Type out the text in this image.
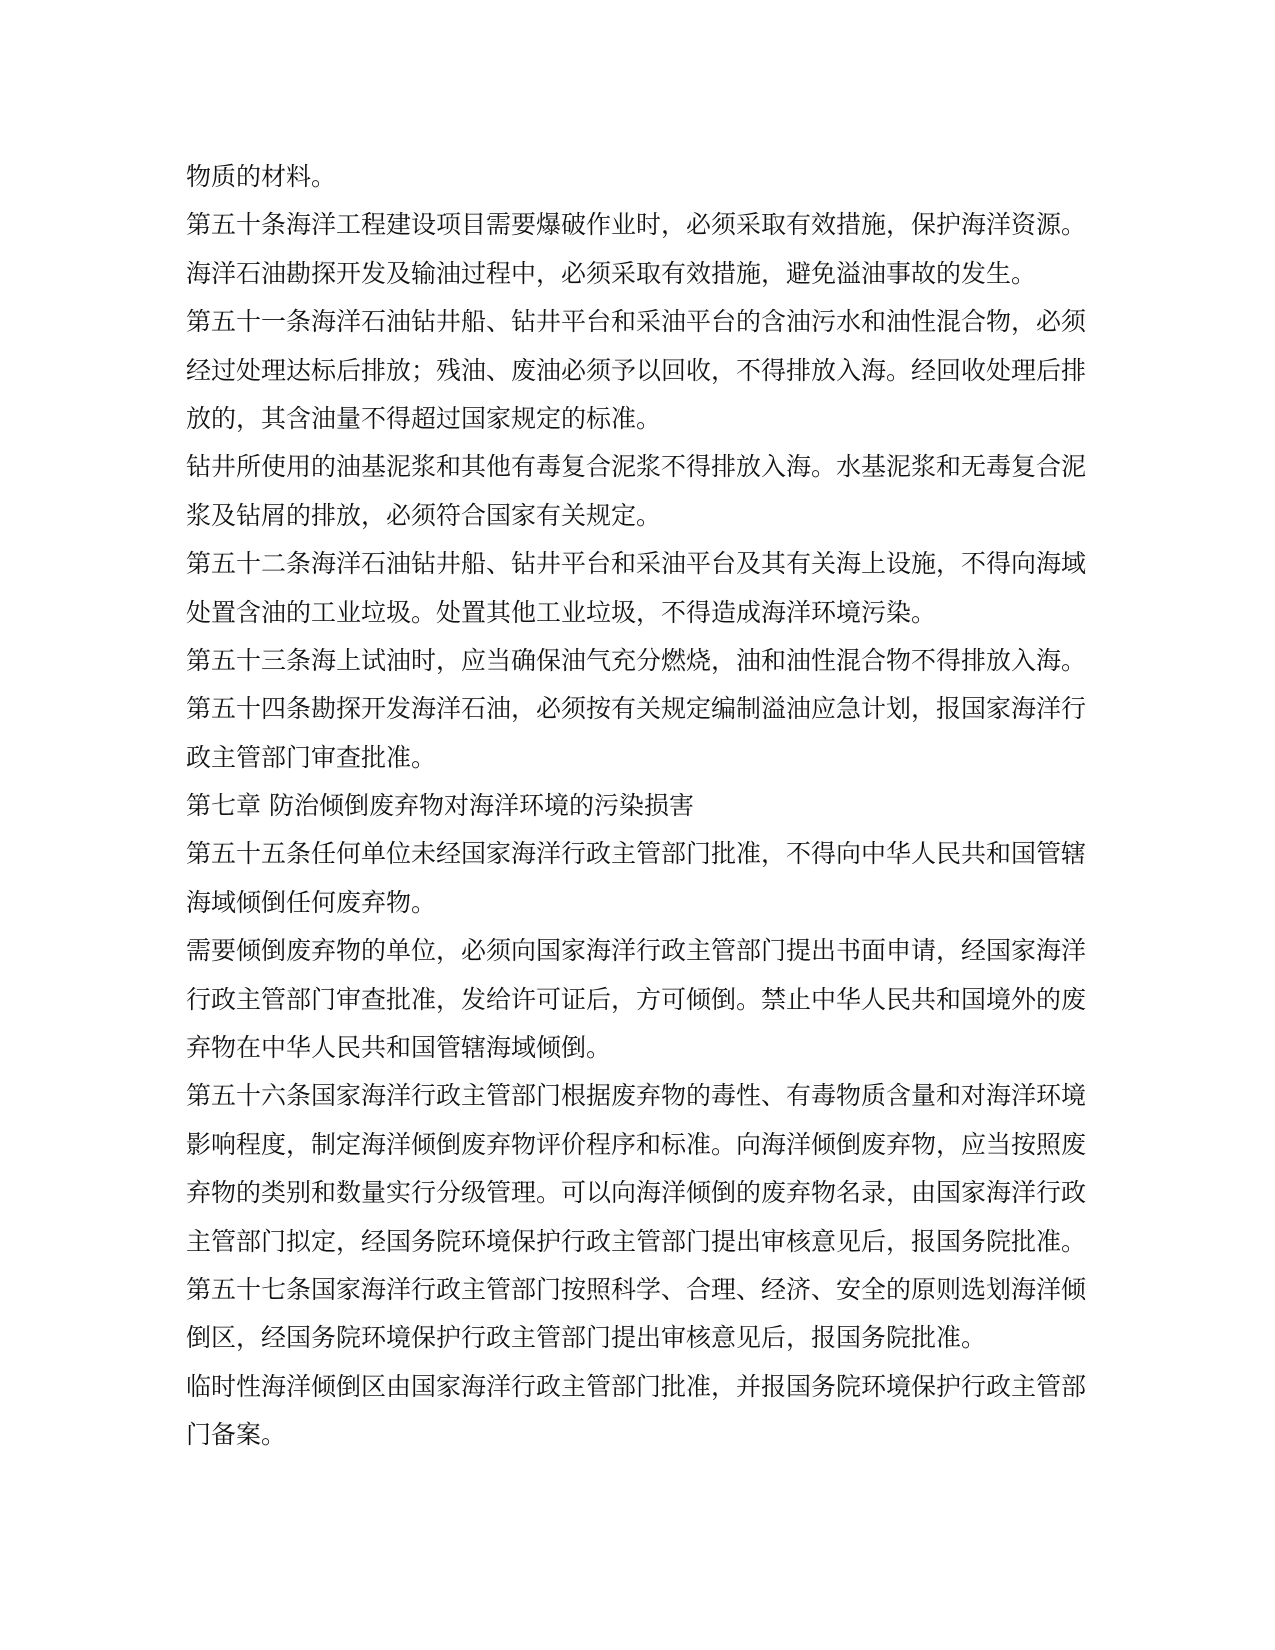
物质的材料。
第五十条海洋工程建设项目需要爆破作业时，必须采取有效措施，保护海洋资源。
海洋石油勘探开发及输油过程中，必须采取有效措施，避免溢油事故的发生。
第五十一条海洋石油钻井船、钻井平台和采油平台的含油污水和油性混合物，必须
经过处理达标后排放；残油、废油必须予以回收，不得排放入海。经回收处理后排
放的，其含油量不得超过国家规定的标准。
钻井所使用的油基泥浆和其他有毒复合泥浆不得排放入海。水基泥浆和无毒复合泥
浆及钻屑的排放，必须符合国家有关规定。
第五十二条海洋石油钻井船、钻井平台和采油平台及其有关海上设施，不得向海域
处置含油的工业垃圾。处置其他工业垃圾，不得造成海洋环境污染。
第五十三条海上试油时，应当确保油气充分燃烧，油和油性混合物不得排放入海。
第五十四条勘探开发海洋石油，必须按有关规定编制溢油应急计划，报国家海洋行
政主管部门审查批准。
第七章 防治倾倒废弃物对海洋环境的污染损害
第五十五条任何单位未经国家海洋行政主管部门批准，不得向中华人民共和国管辖
海域倾倒任何废弃物。
需要倾倒废弃物的单位，必须向国家海洋行政主管部门提出书面申请，经国家海洋
行政主管部门审查批准，发给许可证后，方可倾倒。禁止中华人民共和国境外的废
弃物在中华人民共和国管辖海域倾倒。
第五十六条国家海洋行政主管部门根据废弃物的毒性、有毒物质含量和对海洋环境
影响程度，制定海洋倾倒废弃物评价程序和标准。向海洋倾倒废弃物，应当按照废
弃物的类别和数量实行分级管理。可以向海洋倾倒的废弃物名录，由国家海洋行政
主管部门拟定，经国务院环境保护行政主管部门提出审核意见后，报国务院批准。
第五十七条国家海洋行政主管部门按照科学、合理、经济、安全的原则选划海洋倾
倒区，经国务院环境保护行政主管部门提出审核意见后，报国务院批准。
临时性海洋倾倒区由国家海洋行政主管部门批准，并报国务院环境保护行政主管部
门备案。
